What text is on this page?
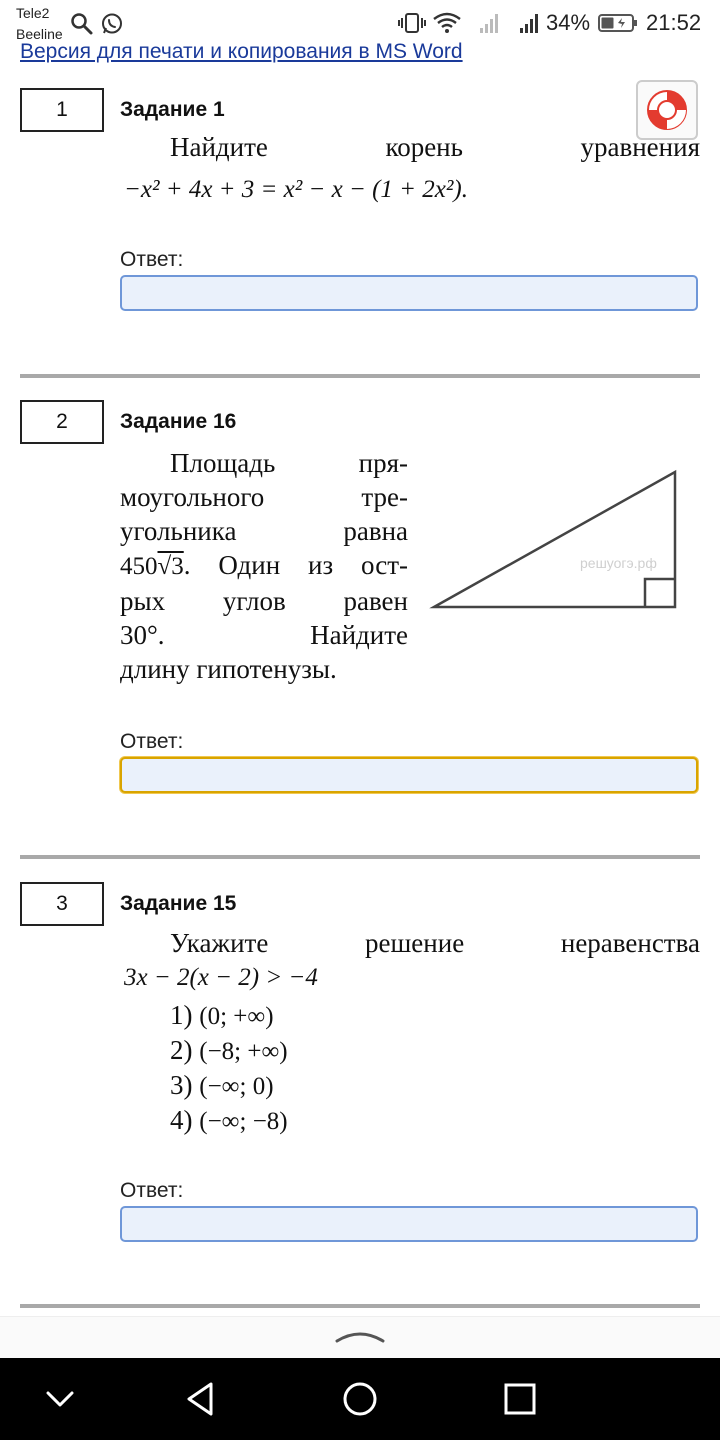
Tele2
Beeline	34%	21:52
Версия для печати и копирования в MS Word
1	Задание 1
Найдите	корень	уравнения
−x² + 4x + 3 = x² − x − (1 + 2x²).
Ответ:
2	Задание 16
Площадь пря-
моугольного тре-
угольника равна
450√3. Один из ост-
рых углов равен
30°. Найдите
длину гипотенузы.
решуогэ.рф
Ответ:
3	Задание 15
Укажите	решение	неравенства
3x − 2(x − 2) > −4
1) (0; +∞)
2) (−8; +∞)
3) (−∞; 0)
4) (−∞; −8)
Ответ:
